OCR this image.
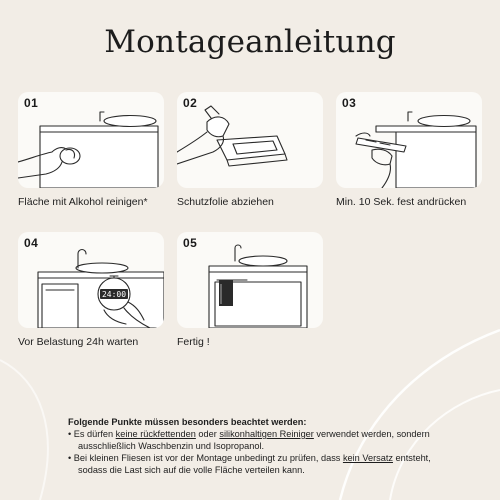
Montageanleitung
01
Fläche mit Alkohol reinigen*
02
Schutzfolie abziehen
03
Min. 10 Sek. fest andrücken
04
24:00
Vor Belastung 24h warten
05
Fertig !
Folgende Punkte müssen besonders beachtet werden:
• Es dürfen keine rückfettenden oder silikonhaltigen Reiniger verwendet werden, sondern ausschließlich Waschbenzin und Isopropanol.
• Bei kleinen Fliesen ist vor der Montage unbedingt zu prüfen, dass kein Versatz entsteht, sodass die Last sich auf die volle Fläche verteilen kann.
